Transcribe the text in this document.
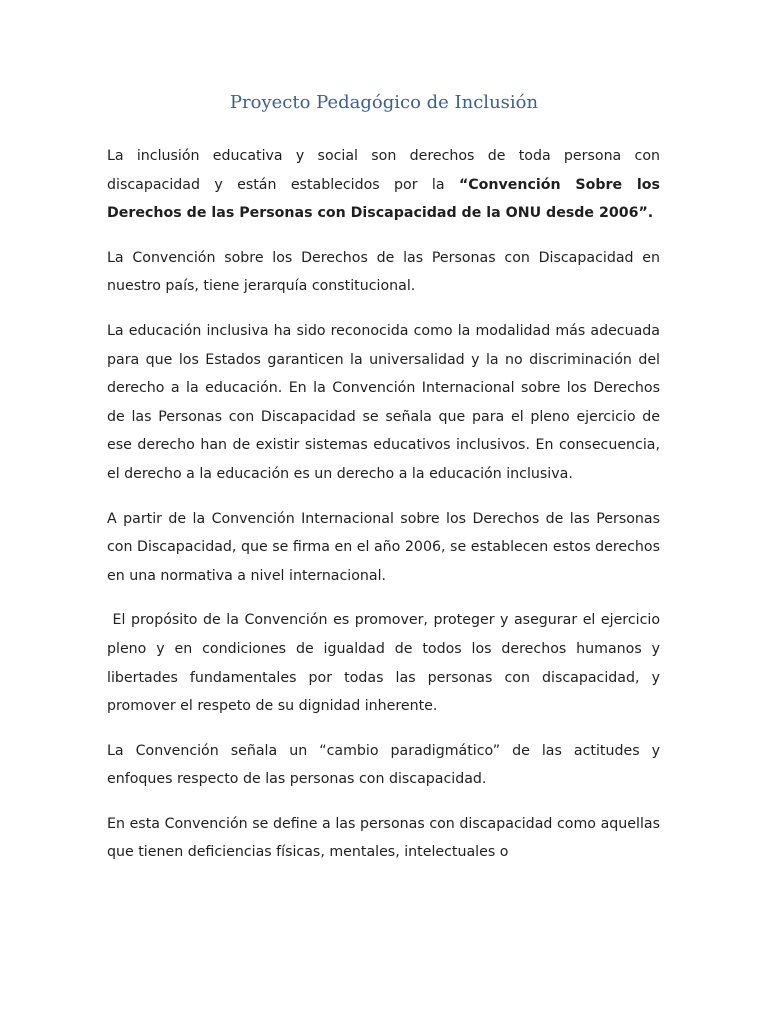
Proyecto Pedagógico de Inclusión

La inclusión educativa y social son derechos de toda persona con discapacidad y están establecidos por la “Convención Sobre los Derechos de las Personas con Discapacidad de la ONU desde 2006”.

La Convención sobre los Derechos de las Personas con Discapacidad en nuestro país, tiene jerarquía constitucional.

La educación inclusiva ha sido reconocida como la modalidad más adecuada para que los Estados garanticen la universalidad y la no discriminación del derecho a la educación. En la Convención Internacional sobre los Derechos de las Personas con Discapacidad se señala que para el pleno ejercicio de ese derecho han de existir sistemas educativos inclusivos. En consecuencia, el derecho a la educación es un derecho a la educación inclusiva.

A partir de la Convención Internacional sobre los Derechos de las Personas con Discapacidad, que se firma en el año 2006, se establecen estos derechos en una normativa a nivel internacional.

El propósito de la Convención es promover, proteger y asegurar el ejercicio pleno y en condiciones de igualdad de todos los derechos humanos y libertades fundamentales por todas las personas con discapacidad, y promover el respeto de su dignidad inherente.

La Convención señala un “cambio paradigmático” de las actitudes y enfoques respecto de las personas con discapacidad.

En esta Convención se define a las personas con discapacidad como aquellas que tienen deficiencias físicas, mentales, intelectuales o
